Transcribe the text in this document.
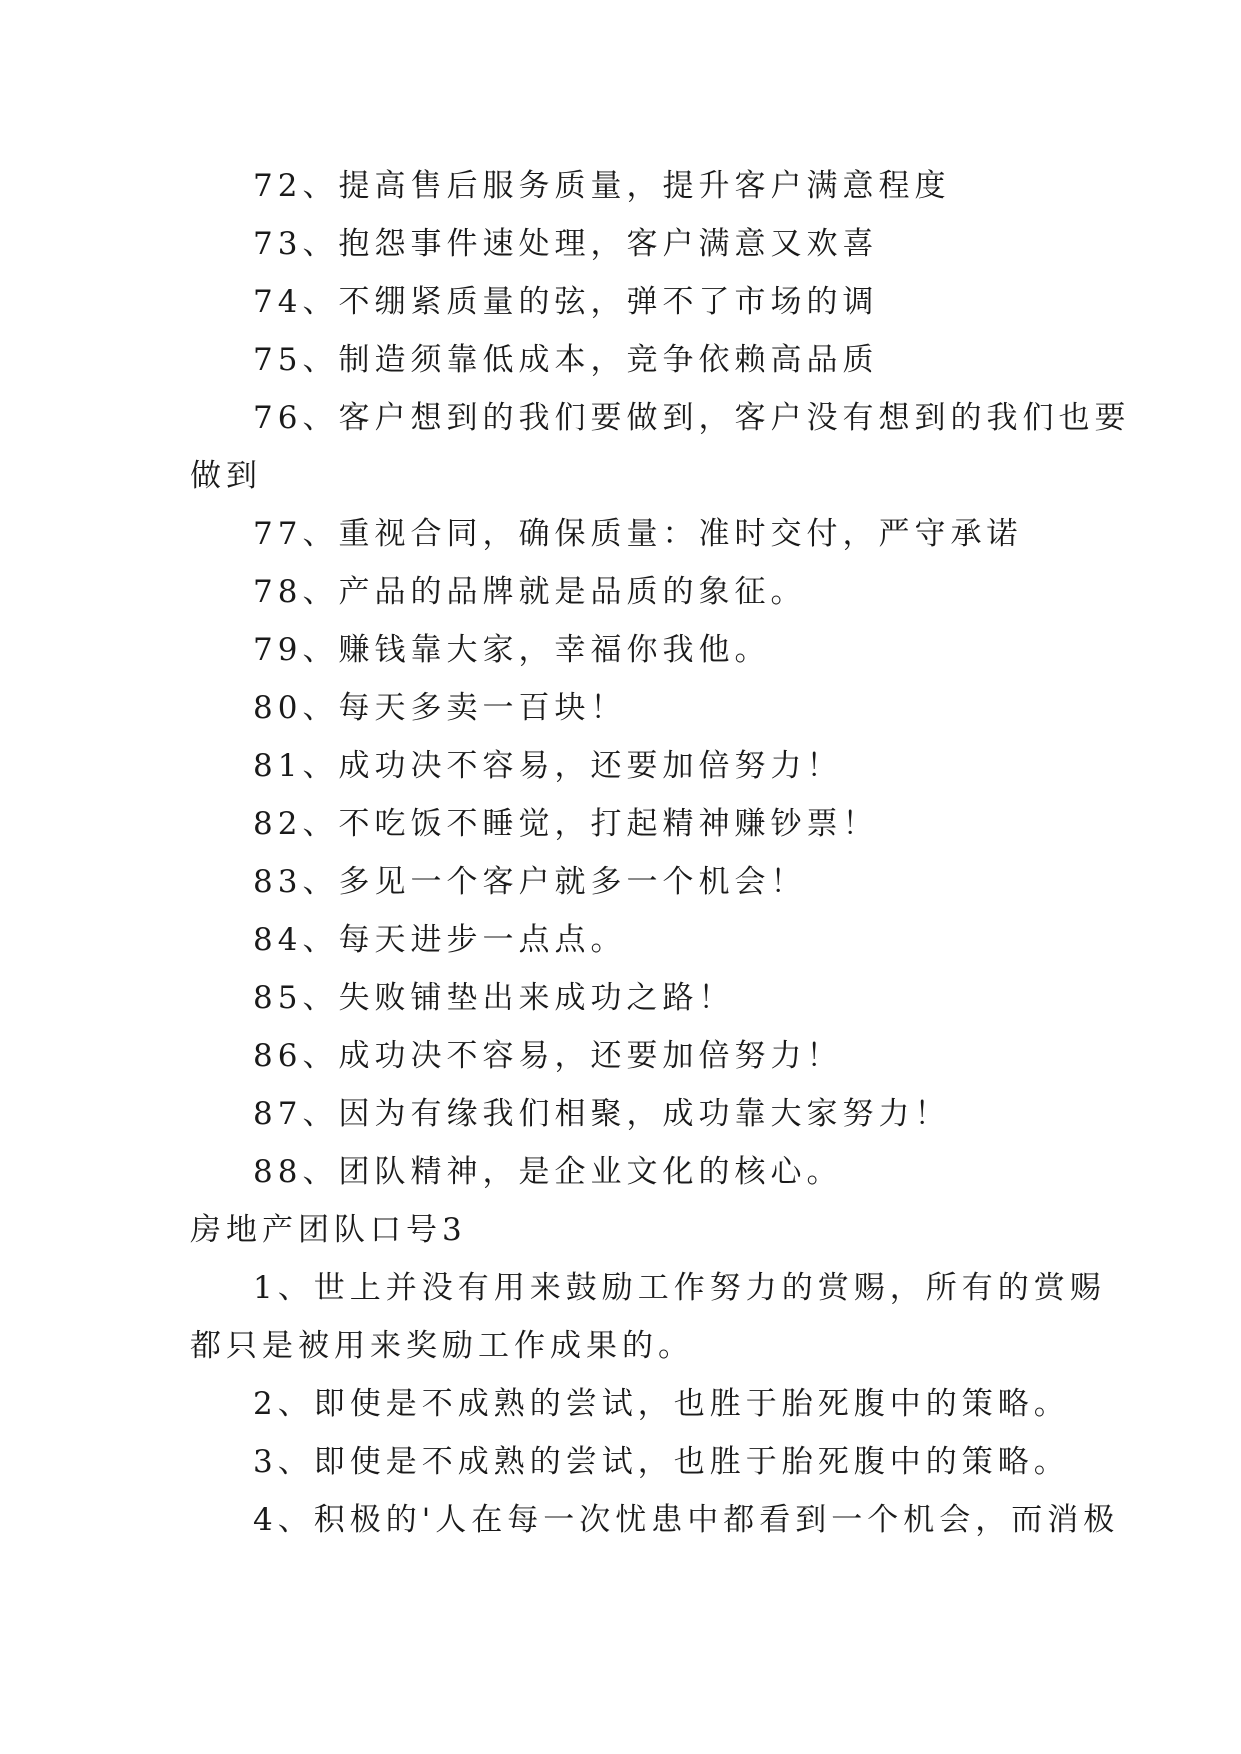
72、提高售后服务质量，提升客户满意程度
73、抱怨事件速处理，客户满意又欢喜
74、不绷紧质量的弦，弹不了市场的调
75、制造须靠低成本，竞争依赖高品质
76、客户想到的我们要做到，客户没有想到的我们也要
做到
77、重视合同，确保质量：准时交付，严守承诺
78、产品的品牌就是品质的象征。
79、赚钱靠大家，幸福你我他。
80、每天多卖一百块！
81、成功决不容易，还要加倍努力！
82、不吃饭不睡觉，打起精神赚钞票！
83、多见一个客户就多一个机会！
84、每天进步一点点。
85、失败铺垫出来成功之路！
86、成功决不容易，还要加倍努力！
87、因为有缘我们相聚，成功靠大家努力！
88、团队精神，是企业文化的核心。
房地产团队口号3
1、世上并没有用来鼓励工作努力的赏赐，所有的赏赐
都只是被用来奖励工作成果的。
2、即使是不成熟的尝试，也胜于胎死腹中的策略。
3、即使是不成熟的尝试，也胜于胎死腹中的策略。
4、积极的'人在每一次忧患中都看到一个机会，而消极
